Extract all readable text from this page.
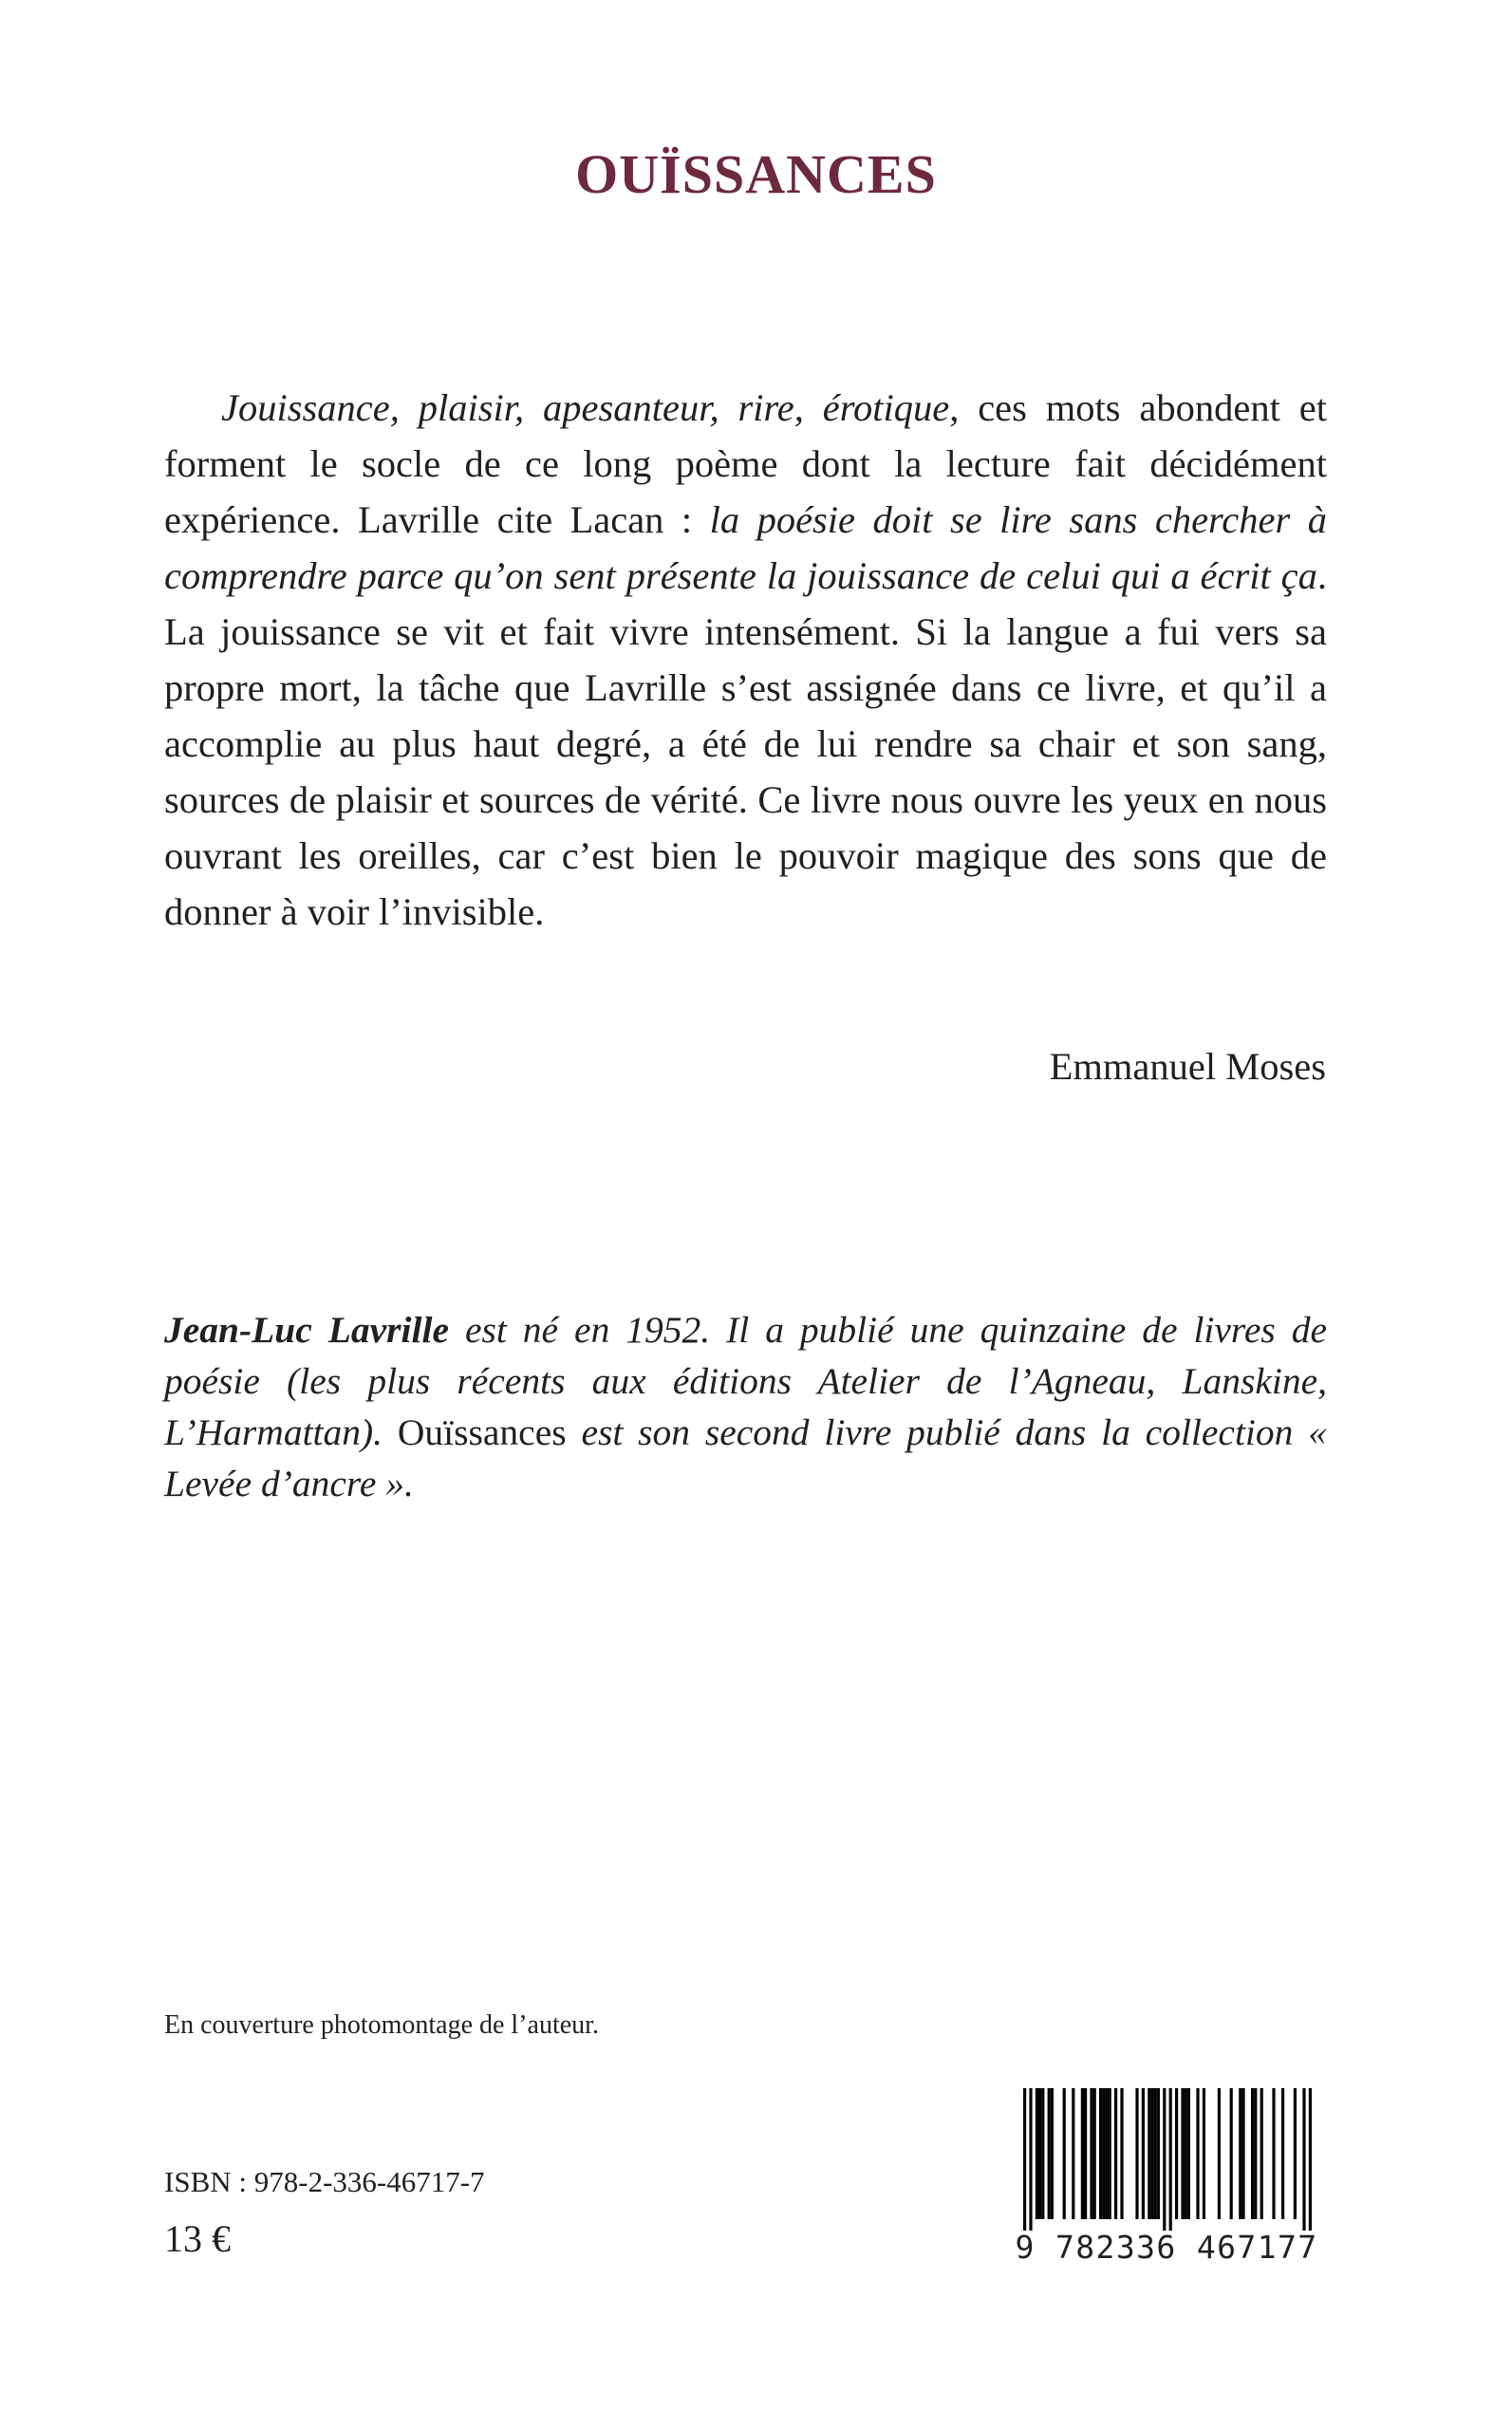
OUÏSSANCES

Jouissance, plaisir, apesanteur, rire, érotique, ces mots abondent et forment le socle de ce long poème dont la lecture fait décidément expérience. Lavrille cite Lacan : la poésie doit se lire sans chercher à comprendre parce qu’on sent présente la jouissance de celui qui a écrit ça. La jouissance se vit et fait vivre intensément. Si la langue a fui vers sa propre mort, la tâche que Lavrille s’est assignée dans ce livre, et qu’il a accomplie au plus haut degré, a été de lui rendre sa chair et son sang, sources de plaisir et sources de vérité. Ce livre nous ouvre les yeux en nous ouvrant les oreilles, car c’est bien le pouvoir magique des sons que de donner à voir l’invisible.

Emmanuel Moses

Jean-Luc Lavrille est né en 1952. Il a publié une quinzaine de livres de poésie (les plus récents aux éditions Atelier de l’Agneau, Lanskine, L’Harmattan). Ouïssances est son second livre publié dans la collection « Levée d’ancre ».

En couverture photomontage de l’auteur.
ISBN : 978-2-336-46717-7
13 €	9 782336 467177
